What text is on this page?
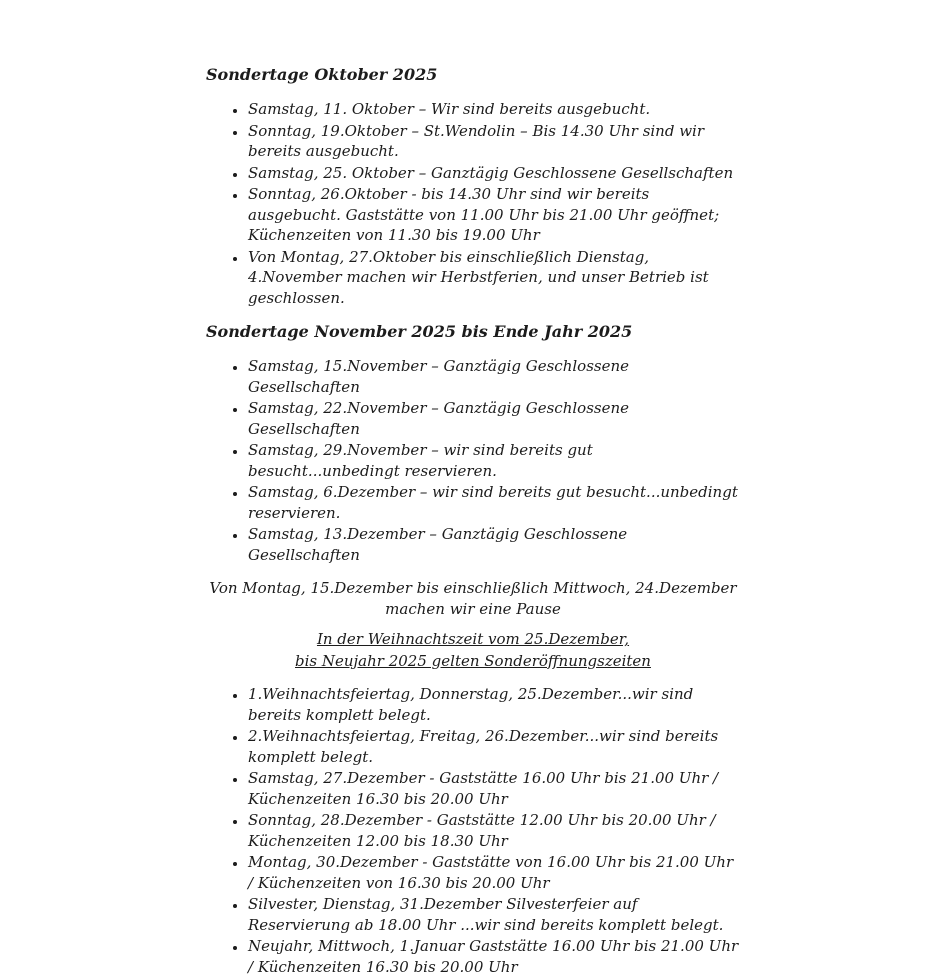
Sondertage Oktober 2025
• Samstag, 11. Oktober – Wir sind bereits ausgebucht.
• Sonntag, 19.Oktober – St.Wendolin – Bis 14.30 Uhr sind wir bereits ausgebucht.
• Samstag, 25. Oktober – Ganztägig Geschlossene Gesellschaften
• Sonntag, 26.Oktober - bis 14.30 Uhr sind wir bereits ausgebucht. Gaststätte von 11.00 Uhr bis 21.00 Uhr geöffnet; Küchenzeiten von 11.30 bis 19.00 Uhr
• Von Montag, 27.Oktober bis einschließlich Dienstag, 4.November machen wir Herbstferien, und unser Betrieb ist geschlossen.
Sondertage November 2025 bis Ende Jahr 2025
• Samstag, 15.November – Ganztägig Geschlossene Gesellschaften
• Samstag, 22.November – Ganztägig Geschlossene Gesellschaften
• Samstag, 29.November – wir sind bereits gut besucht...unbedingt reservieren.
• Samstag, 6.Dezember – wir sind bereits gut besucht...unbedingt reservieren.
• Samstag, 13.Dezember – Ganztägig Geschlossene Gesellschaften

Von Montag, 15.Dezember bis einschließlich Mittwoch, 24.Dezember machen wir eine Pause

In der Weihnachtszeit vom 25.Dezember,
bis Neujahr 2025 gelten Sonderöffnungszeiten

• 1.Weihnachtsfeiertag, Donnerstag, 25.Dezember...wir sind bereits komplett belegt.
• 2.Weihnachtsfeiertag, Freitag, 26.Dezember...wir sind bereits komplett belegt.
• Samstag, 27.Dezember - Gaststätte 16.00 Uhr bis 21.00 Uhr / Küchenzeiten 16.30 bis 20.00 Uhr
• Sonntag, 28.Dezember - Gaststätte 12.00 Uhr bis 20.00 Uhr / Küchenzeiten 12.00 bis 18.30 Uhr
• Montag, 30.Dezember - Gaststätte von 16.00 Uhr bis 21.00 Uhr / Küchenzeiten von 16.30 bis 20.00 Uhr
• Silvester, Dienstag, 31.Dezember Silvesterfeier auf Reservierung ab 18.00 Uhr ...wir sind bereits komplett belegt.
• Neujahr, Mittwoch, 1.Januar Gaststätte 16.00 Uhr bis 21.00 Uhr / Küchenzeiten 16.30 bis 20.00 Uhr
